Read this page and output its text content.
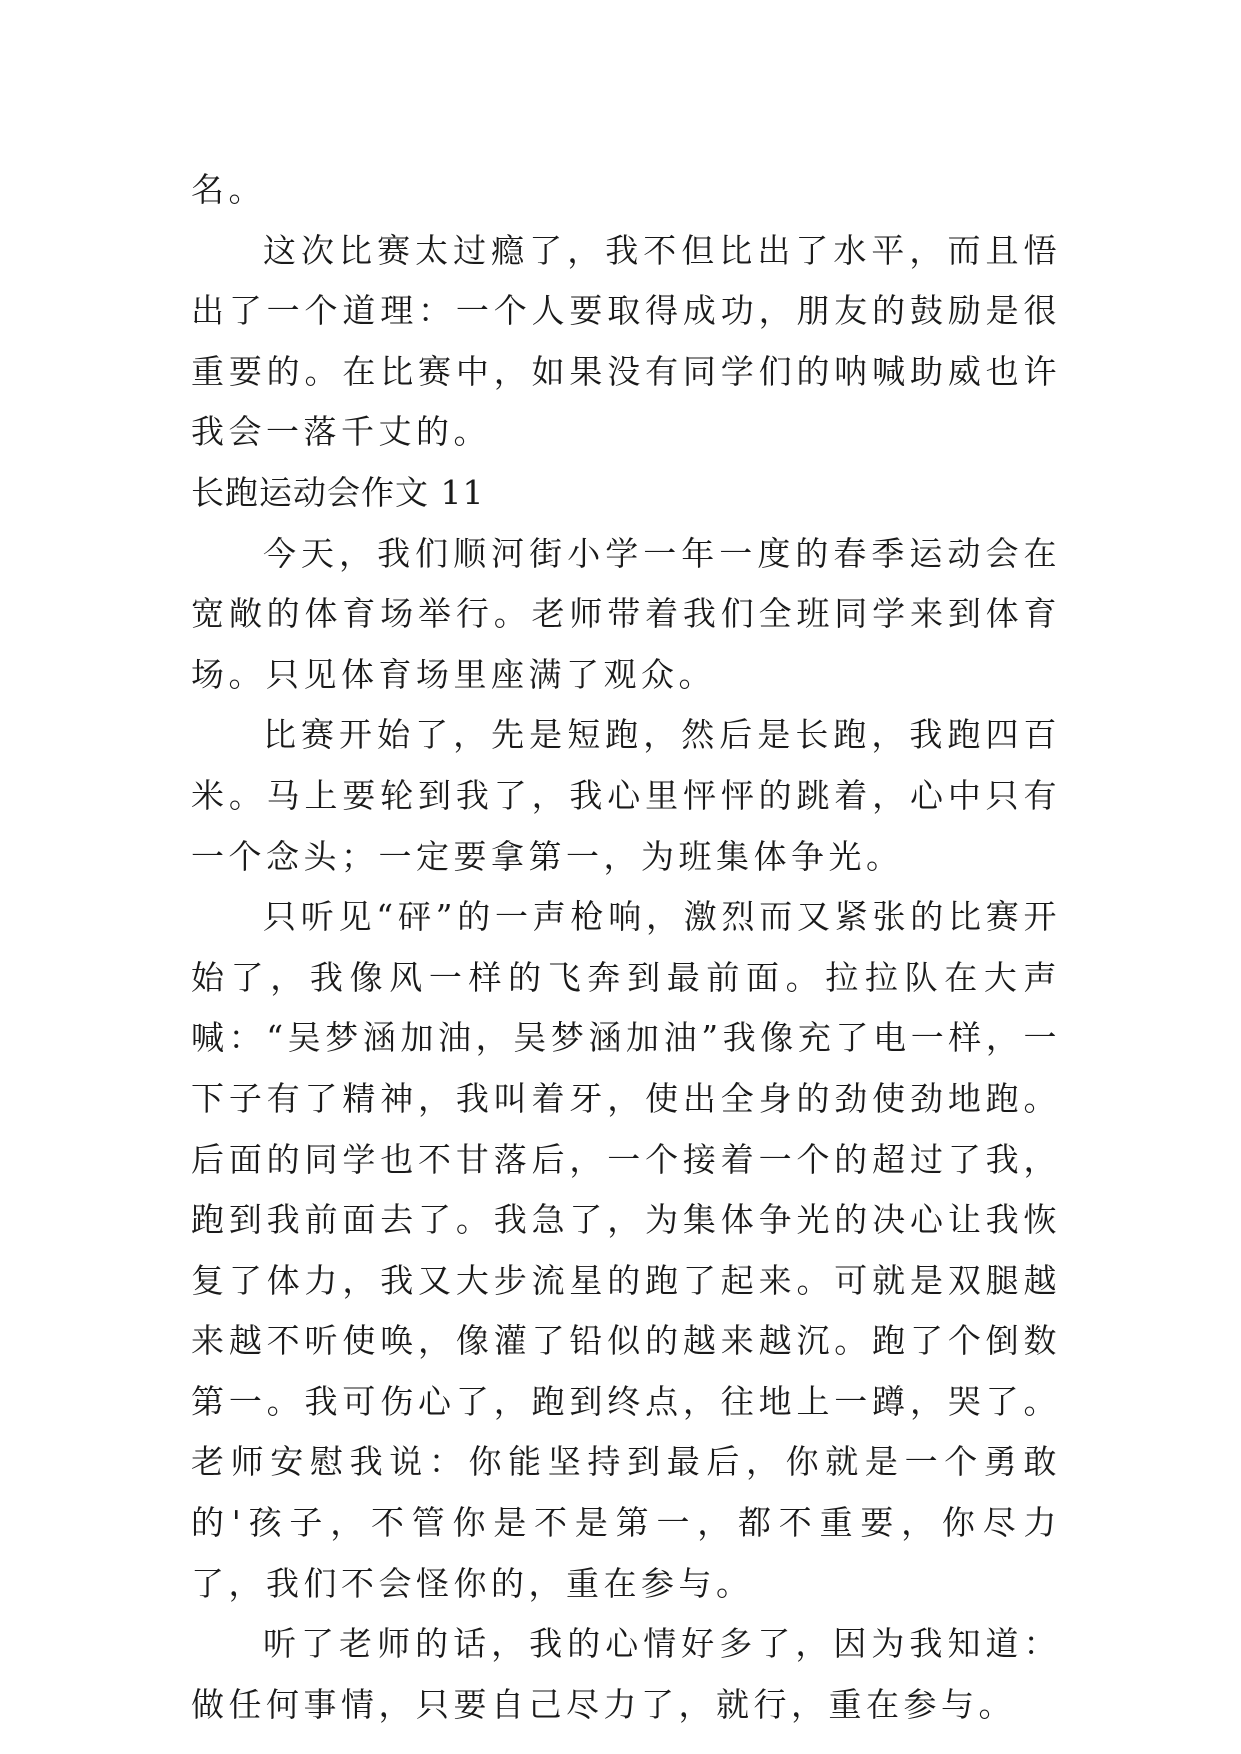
名。

这次比赛太过瘾了，我不但比出了水平，而且悟出了一个道理：一个人要取得成功，朋友的鼓励是很重要的。在比赛中，如果没有同学们的呐喊助威也许我会一落千丈的。

长跑运动会作文 11

今天，我们顺河街小学一年一度的春季运动会在宽敞的体育场举行。老师带着我们全班同学来到体育场。只见体育场里座满了观众。

比赛开始了，先是短跑，然后是长跑，我跑四百米。马上要轮到我了，我心里怦怦的跳着，心中只有一个念头；一定要拿第一，为班集体争光。

只听见“砰”的一声枪响，激烈而又紧张的比赛开始了，我像风一样的飞奔到最前面。拉拉队在大声喊：“吴梦涵加油，吴梦涵加油”我像充了电一样，一下子有了精神，我叫着牙，使出全身的劲使劲地跑。后面的同学也不甘落后，一个接着一个的超过了我，跑到我前面去了。我急了，为集体争光的决心让我恢复了体力，我又大步流星的跑了起来。可就是双腿越来越不听使唤，像灌了铅似的越来越沉。跑了个倒数第一。我可伤心了，跑到终点，往地上一蹲，哭了。老师安慰我说：你能坚持到最后，你就是一个勇敢的'孩子，不管你是不是第一，都不重要，你尽力了，我们不会怪你的，重在参与。

听了老师的话，我的心情好多了，因为我知道：做任何事情，只要自己尽力了，就行，重在参与。
